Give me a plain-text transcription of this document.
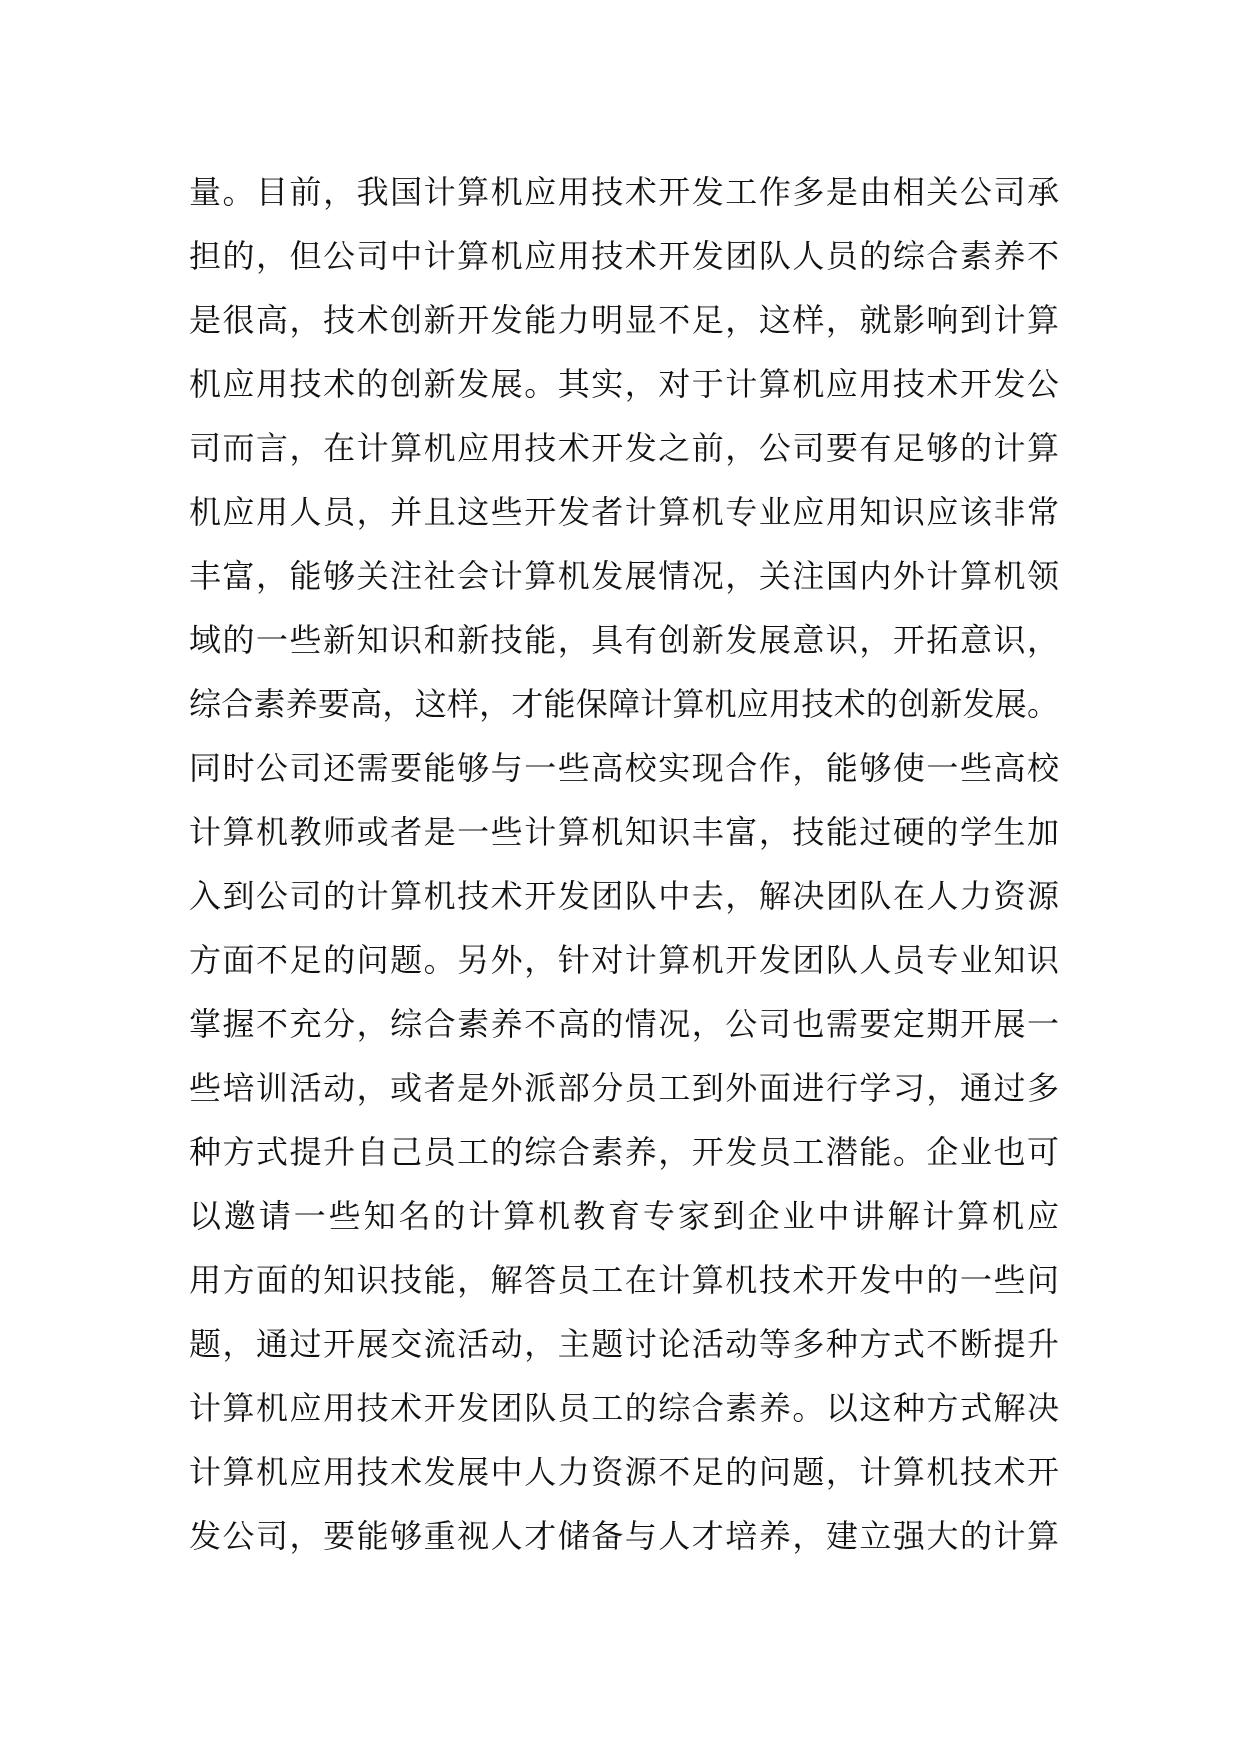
量。目前，我国计算机应用技术开发工作多是由相关公司承
担的，但公司中计算机应用技术开发团队人员的综合素养不
是很高，技术创新开发能力明显不足，这样，就影响到计算
机应用技术的创新发展。其实，对于计算机应用技术开发公
司而言，在计算机应用技术开发之前，公司要有足够的计算
机应用人员，并且这些开发者计算机专业应用知识应该非常
丰富，能够关注社会计算机发展情况，关注国内外计算机领
域的一些新知识和新技能，具有创新发展意识，开拓意识，
综合素养要高，这样，才能保障计算机应用技术的创新发展。
同时公司还需要能够与一些高校实现合作，能够使一些高校
计算机教师或者是一些计算机知识丰富，技能过硬的学生加
入到公司的计算机技术开发团队中去，解决团队在人力资源
方面不足的问题。另外，针对计算机开发团队人员专业知识
掌握不充分，综合素养不高的情况，公司也需要定期开展一
些培训活动，或者是外派部分员工到外面进行学习，通过多
种方式提升自己员工的综合素养，开发员工潜能。企业也可
以邀请一些知名的计算机教育专家到企业中讲解计算机应
用方面的知识技能，解答员工在计算机技术开发中的一些问
题，通过开展交流活动，主题讨论活动等多种方式不断提升
计算机应用技术开发团队员工的综合素养。以这种方式解决
计算机应用技术发展中人力资源不足的问题，计算机技术开
发公司，要能够重视人才储备与人才培养，建立强大的计算
